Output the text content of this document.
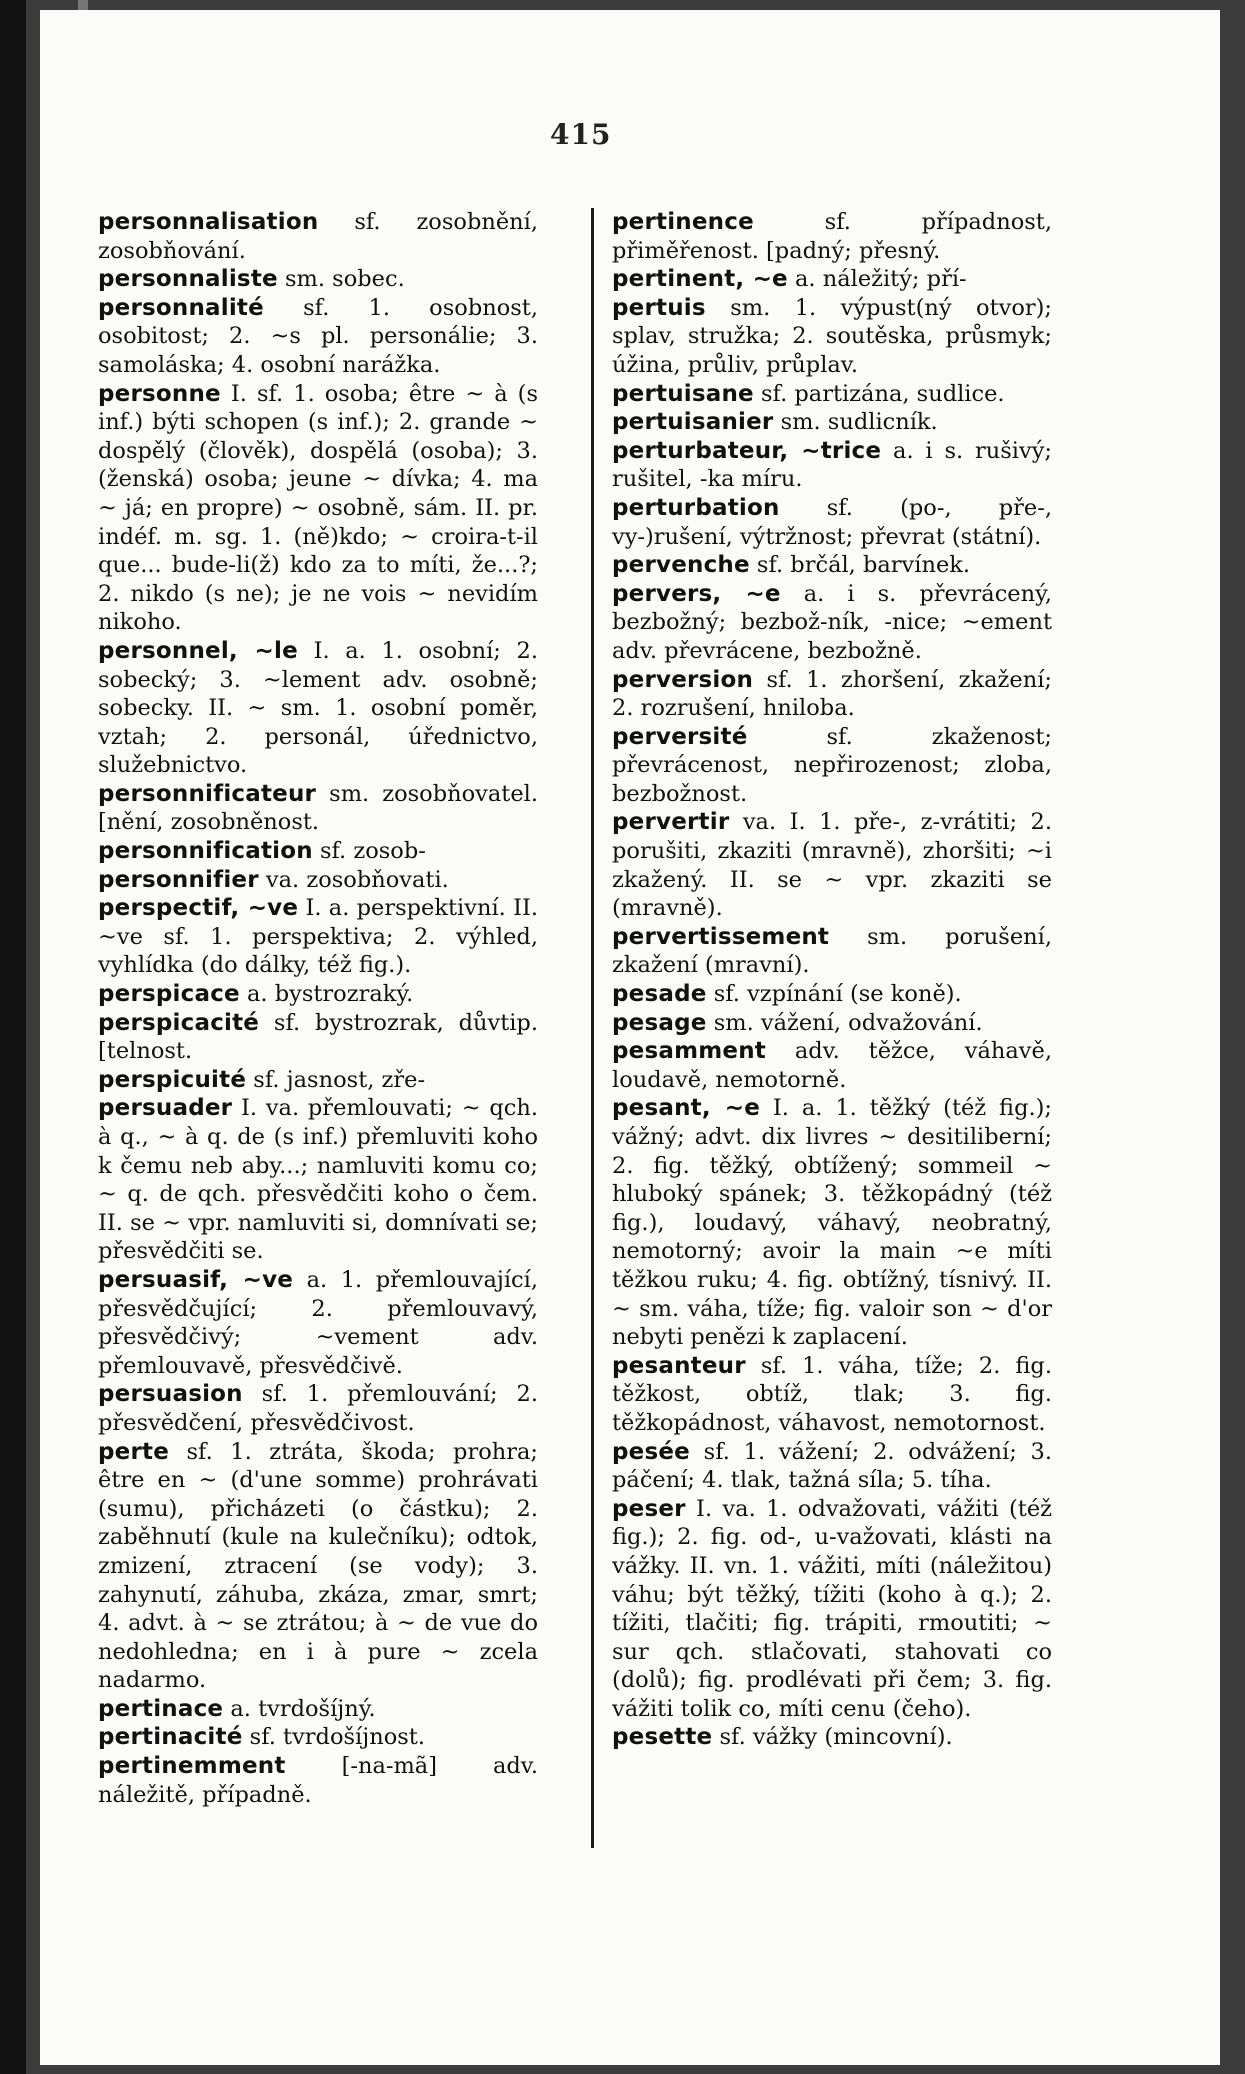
415

personnalisation sf. zosobnění, zosobňování.

personnaliste sm. sobec.

personnalité sf. 1. osobnost, osobitost; 2. ~s pl. personálie; 3. samoláska; 4. osobní narážka.

personne I. sf. 1. osoba; être ~ à (s inf.) býti schopen (s inf.); 2. grande ~ dospělý (člověk), dospělá (osoba); 3. (ženská) osoba; jeune ~ dívka; 4. ma ~ já; en propre) ~ osobně, sám. II. pr. indéf. m. sg. 1. (ně)kdo; ~ croira-t-il que... bude-li(ž) kdo za to míti, že...?; 2. nikdo (s ne); je ne vois ~ nevidím nikoho.

personnel, ~le I. a. 1. osobní; 2. sobecký; 3. ~lement adv. osobně; sobecky. II. ~ sm. 1. osobní poměr, vztah; 2. personál, úřednictvo, služebnictvo.

personnificateur sm. zosobňovatel. [nění, zosobněnost.

personnification sf. zosob-

personnifier va. zosobňovati.

perspectif, ~ve I. a. perspektivní. II. ~ve sf. 1. perspektiva; 2. výhled, vyhlídka (do dálky, též fig.).

perspicace a. bystrozraký.

perspicacité sf. bystrozrak, důvtip. [telnost.

perspicuité sf. jasnost, zře-

persuader I. va. přemlouvati; ~ qch. à q., ~ à q. de (s inf.) přemluviti koho k čemu neb aby...; namluviti komu co; ~ q. de qch. přesvědčiti koho o čem. II. se ~ vpr. namluviti si, domnívati se; přesvědčiti se.

persuasif, ~ve a. 1. přemlouvající, přesvědčující; 2. přemlouvavý, přesvědčivý; ~vement adv. přemlouvavě, přesvědčivě.

persuasion sf. 1. přemlouvání; 2. přesvědčení, přesvědčivost.

perte sf. 1. ztráta, škoda; prohra; être en ~ (d'une somme) prohrávati (sumu), přicházeti (o částku); 2. zaběhnutí (kule na kulečníku); odtok, zmizení, ztracení (se vody); 3. zahynutí, záhuba, zkáza, zmar, smrt; 4. advt. à ~ se ztrátou; à ~ de vue do nedohledna; en i à pure ~ zcela nadarmo.

pertinace a. tvrdošíjný.

pertinacité sf. tvrdošíjnost.

pertinemment [-na-mã] adv. náležitě, případně.

pertinence sf. případnost, přiměřenost. [padný; přesný.

pertinent, ~e a. náležitý; pří-

pertuis sm. 1. výpust(ný otvor); splav, stružka; 2. soutěska, průsmyk; úžina, průliv, průplav.

pertuisane sf. partizána, sudlice.

pertuisanier sm. sudlicník.

perturbateur, ~trice a. i s. rušivý; rušitel, -ka míru.

perturbation sf. (po-, pře-, vy-)rušení, výtržnost; převrat (státní).

pervenche sf. brčál, barvínek.

pervers, ~e a. i s. převrácený, bezbožný; bezbož-ník, -nice; ~ement adv. převrácene, bezbožně.

perversion sf. 1. zhoršení, zkažení; 2. rozrušení, hniloba.

perversité sf. zkaženost; převrácenost, nepřirozenost; zloba, bezbožnost.

pervertir va. I. 1. pře-, z-vrátiti; 2. porušiti, zkaziti (mravně), zhoršiti; ~i zkažený. II. se ~ vpr. zkaziti se (mravně).

pervertissement sm. porušení, zkažení (mravní).

pesade sf. vzpínání (se koně).

pesage sm. vážení, odvažování.

pesamment adv. těžce, váhavě, loudavě, nemotorně.

pesant, ~e I. a. 1. těžký (též fig.); vážný; advt. dix livres ~ desitiliberní; 2. fig. těžký, obtížený; sommeil ~ hluboký spánek; 3. těžkopádný (též fig.), loudavý, váhavý, neobratný, nemotorný; avoir la main ~e míti těžkou ruku; 4. fig. obtížný, tísnivý. II. ~ sm. váha, tíže; fig. valoir son ~ d'or nebyti penězi k zaplacení.

pesanteur sf. 1. váha, tíže; 2. fig. těžkost, obtíž, tlak; 3. fig. těžkopádnost, váhavost, nemotornost.

pesée sf. 1. vážení; 2. odvážení; 3. páčení; 4. tlak, tažná síla; 5. tíha.

peser I. va. 1. odvažovati, vážiti (též fig.); 2. fig. od-, u-važovati, klásti na vážky. II. vn. 1. vážiti, míti (náležitou) váhu; být těžký, tížiti (koho à q.); 2. tížiti, tlačiti; fig. trápiti, rmoutiti; ~ sur qch. stlačovati, stahovati co (dolů); fig. prodlévati při čem; 3. fig. vážiti tolik co, míti cenu (čeho).

pesette sf. vážky (mincovní).
